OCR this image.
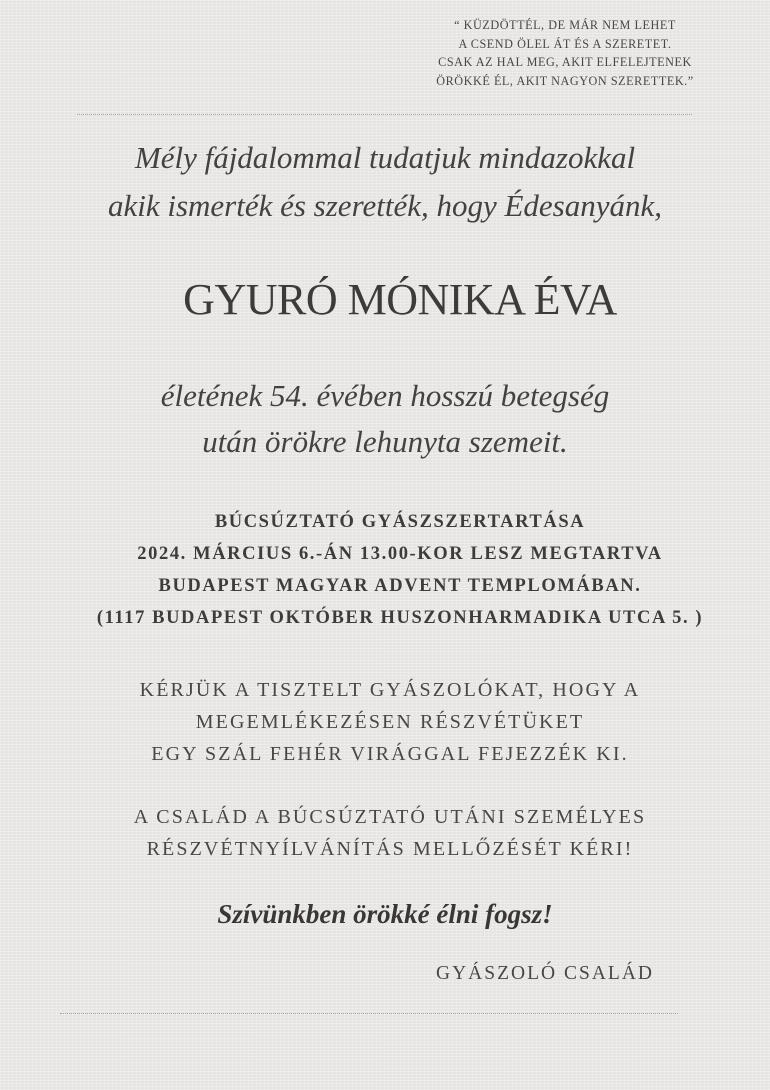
“ KÜZDÖTTÉL, DE MÁR NEM LEHET
A CSEND ÖLEL ÁT ÉS A SZERETET.
CSAK AZ HAL MEG, AKIT ELFELEJTENEK
ÖRÖKKÉ ÉL, AKIT NAGYON SZERETTEK.”
Mély fájdalommal tudatjuk mindazokkal
akik ismerték és szerették, hogy Édesanyánk,
GYURÓ MÓNIKA ÉVA
életének 54. évében hosszú betegség
után örökre lehunyta szemeit.
BÚCSÚZTATÓ GYÁSZSZERTARTÁSA
2024. MÁRCIUS 6.-ÁN 13.00-KOR LESZ MEGTARTVA
BUDAPEST MAGYAR ADVENT TEMPLOMÁBAN.
(1117 BUDAPEST OKTÓBER HUSZONHARMADIKA UTCA 5. )
KÉRJÜK A TISZTELT GYÁSZOLÓKAT, HOGY A
MEGEMLÉKEZÉSEN RÉSZVÉTÜKET
EGY SZÁL FEHÉR VIRÁGGAL FEJEZZÉK KI.
A CSALÁD A BÚCSÚZTATÓ UTÁNI SZEMÉLYES
RÉSZVÉTNYÍLVÁNÍTÁS MELLŐZÉSÉT KÉRI!
Szívünkben örökké élni fogsz!
GYÁSZOLÓ CSALÁD
